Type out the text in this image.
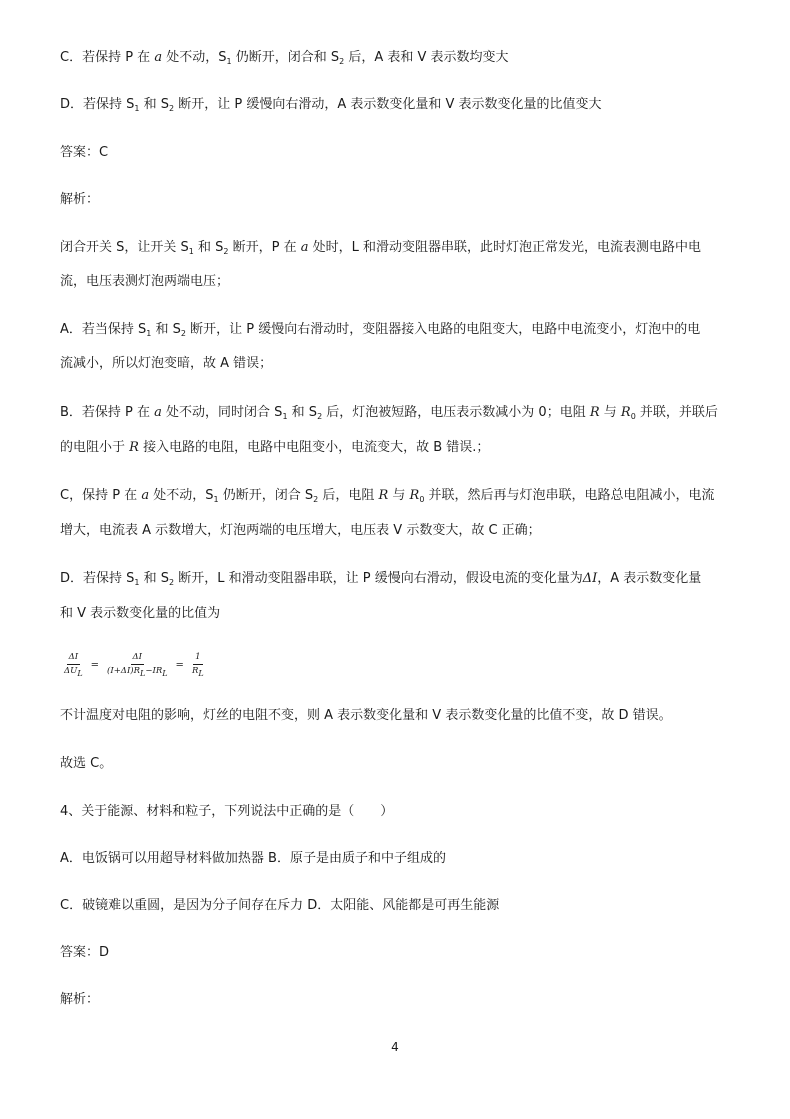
C．若保持 P 在 a 处不动，$S_1$ 仍断开，闭合和 $S_2$ 后，A 表和 V 表示数均变大
D．若保持 $S_1$ 和 $S_2$ 断开，让 P 缓慢向右滑动，A 表示数变化量和 V 表示数变化量的比值变大
答案：C
解析：
闭合开关 S，让开关 $S_1$ 和 $S_2$ 断开，P 在 a 处时，L 和滑动变阻器串联，此时灯泡正常发光，电流表测电路中电
流，电压表测灯泡两端电压；
A．若当保持 $S_1$ 和 $S_2$ 断开，让 P 缓慢向右滑动时，变阻器接入电路的电阻变大，电路中电流变小，灯泡中的电
流减小，所以灯泡变暗，故 A 错误；
B．若保持 P 在 a 处不动，同时闭合 $S_1$ 和 $S_2$ 后，灯泡被短路，电压表示数减小为 0；电阻 R 与 $R_0$ 并联，并联后
的电阻小于 R 接入电路的电阻，电路中电阻变小，电流变大，故 B 错误.；
C，保持 P 在 a 处不动，$S_1$ 仍断开，闭合 $S_2$ 后，电阻 R 与 $R_0$ 并联，然后再与灯泡串联，电路总电阻减小，电流
增大，电流表 A 示数增大，灯泡两端的电压增大，电压表 V 示数变大，故 C 正确；
D．若保持 $S_1$ 和 $S_2$ 断开，L 和滑动变阻器串联，让 P 缓慢向右滑动，假设电流的变化量为ΔI，A 表示数变化量
和 V 表示数变化量的比值为
$\frac{\Delta I}{\text{ΔUL}} = \frac{\Delta I}{\text{(I+ΔI)RL−IRL}} = \frac{1}{RL}$
不计温度对电阻的影响，灯丝的电阻不变，则 A 表示数变化量和 V 表示数变化量的比值不变，故 D 错误。
故选 C。
4、关于能源、材料和粒子，下列说法中正确的是（　　）
A．电饭锅可以用超导材料做加热器 B．原子是由质子和中子组成的
C．破镜难以重圆，是因为分子间存在斥力 D．太阳能、风能都是可再生能源
答案：D
解析：
4
